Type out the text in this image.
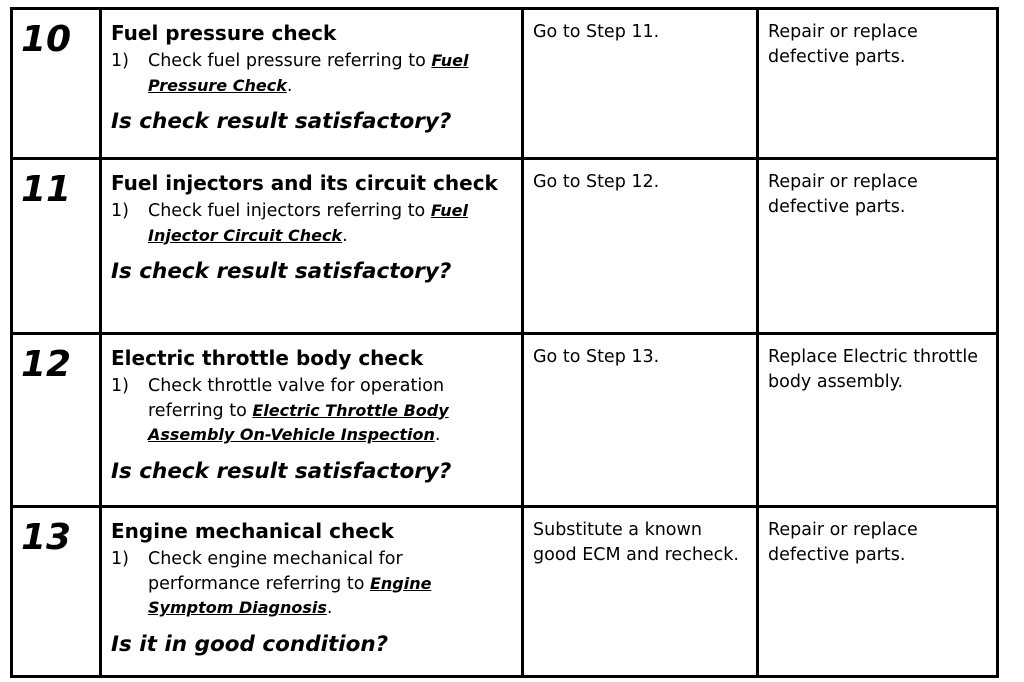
10	Fuel pressure check
1) Check fuel pressure referring to Fuel Pressure Check.
Is check result satisfactory?	Go to Step 11.	Repair or replace defective parts.

11	Fuel injectors and its circuit check
1) Check fuel injectors referring to Fuel Injector Circuit Check.
Is check result satisfactory?	Go to Step 12.	Repair or replace defective parts.

12	Electric throttle body check
1) Check throttle valve for operation referring to Electric Throttle Body Assembly On-Vehicle Inspection.
Is check result satisfactory?	Go to Step 13.	Replace Electric throttle body assembly.

13	Engine mechanical check
1) Check engine mechanical for performance referring to Engine Symptom Diagnosis.
Is it in good condition?	Substitute a known good ECM and recheck.	Repair or replace defective parts.
